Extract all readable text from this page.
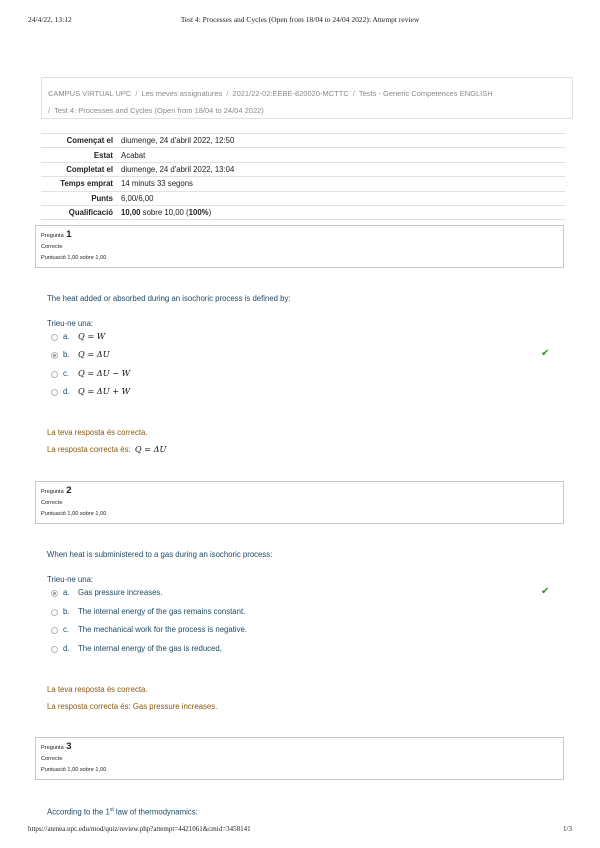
24/4/22, 13:12	Test 4: Processes and Cycles (Open from 18/04 to 24/04 2022): Attempt review
CAMPUS VIRTUAL UPC / Les meves assignatures / 2021/22-02:EEBE-820020-MCTTC / Tests - Generic Competences ENGLISH
/ Test 4: Processes and Cycles (Open from 18/04 to 24/04 2022)
Començat el	diumenge, 24 d'abril 2022, 12:50
Estat	Acabat
Completat el	diumenge, 24 d'abril 2022, 13:04
Temps emprat	14 minuts 33 segons
Punts	6,00/6,00
Qualificació	10,00 sobre 10,00 (100%)
Pregunta 1
Correcte
Puntuació 1,00 sobre 1,00
The heat added or absorbed during an isochoric process is defined by:
Trieu-ne una:
a. Q = W
b. Q = ΔU	✔
c. Q = ΔU − W
d. Q = ΔU + W
La teva resposta és correcta.
La resposta correcta és: Q = ΔU
Pregunta 2
Correcte
Puntuació 1,00 sobre 1,00
When heat is subministered to a gas during an isochoric process:
Trieu-ne una:
a. Gas pressure increases.	✔
b. The internal energy of the gas remains constant.
c. The mechanical work for the process is negative.
d. The internal energy of the gas is reduced,
La teva resposta és correcta.
La resposta correcta és: Gas pressure increases.
Pregunta 3
Correcte
Puntuació 1,00 sobre 1,00
According to the 1st law of thermodynamics:
https://atenea.upc.edu/mod/quiz/review.php?attempt=4421061&cmid=3458141	1/3
